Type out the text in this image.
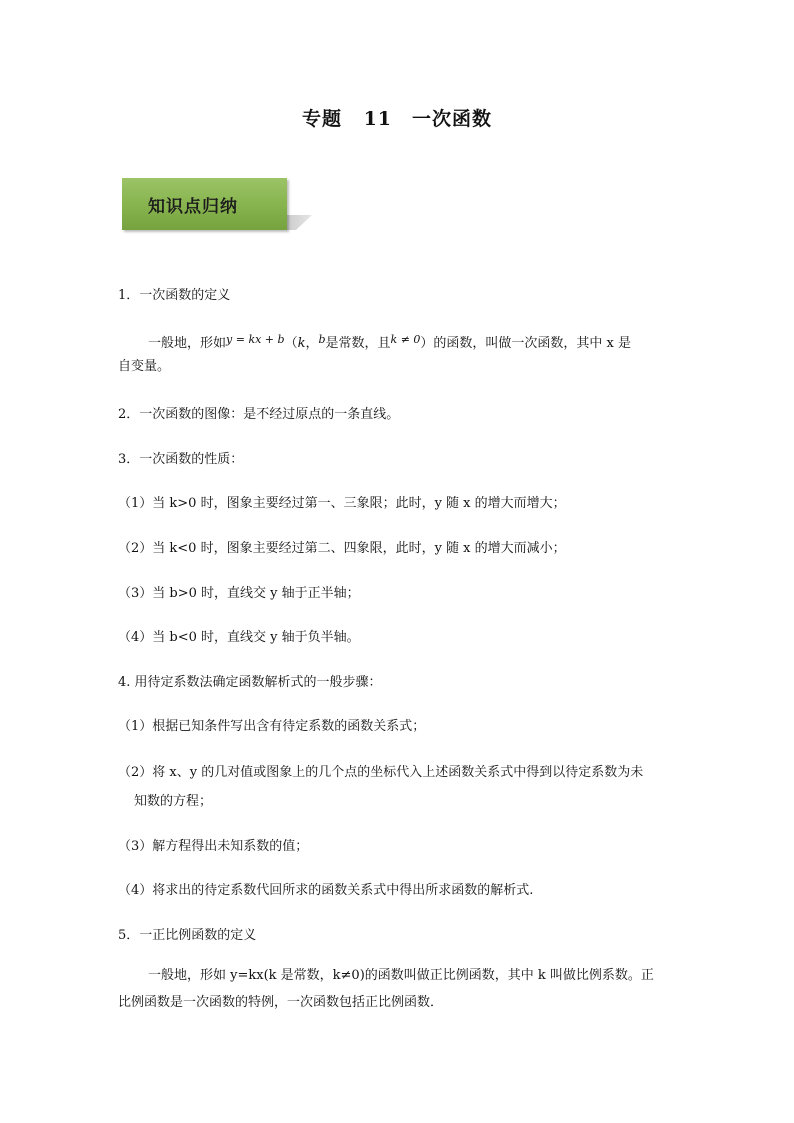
专题 11　一次函数
知识点归纳
1．一次函数的定义
一般地，形如$^{y = kx + b}$（k，$^b$是常数，且$^{k \ne 0}$）的函数，叫做一次函数，其中 x 是
自变量。
2．一次函数的图像：是不经过原点的一条直线。
3．一次函数的性质：
（1）当 k>0 时，图象主要经过第一、三象限；此时，y 随 x 的增大而增大；
（2）当 k<0 时，图象主要经过第二、四象限，此时，y 随 x 的增大而减小；
（3）当 b>0 时，直线交 y 轴于正半轴；
（4）当 b<0 时，直线交 y 轴于负半轴。
4. 用待定系数法确定函数解析式的一般步骤：
（1）根据已知条件写出含有待定系数的函数关系式；
（2）将 x、y 的几对值或图象上的几个点的坐标代入上述函数关系式中得到以待定系数为未
知数的方程；
（3）解方程得出未知系数的值；
（4）将求出的待定系数代回所求的函数关系式中得出所求函数的解析式.
5．一正比例函数的定义
一般地，形如 y=kx(k 是常数，k≠0)的函数叫做正比例函数，其中 k 叫做比例系数。正
比例函数是一次函数的特例，一次函数包括正比例函数．
